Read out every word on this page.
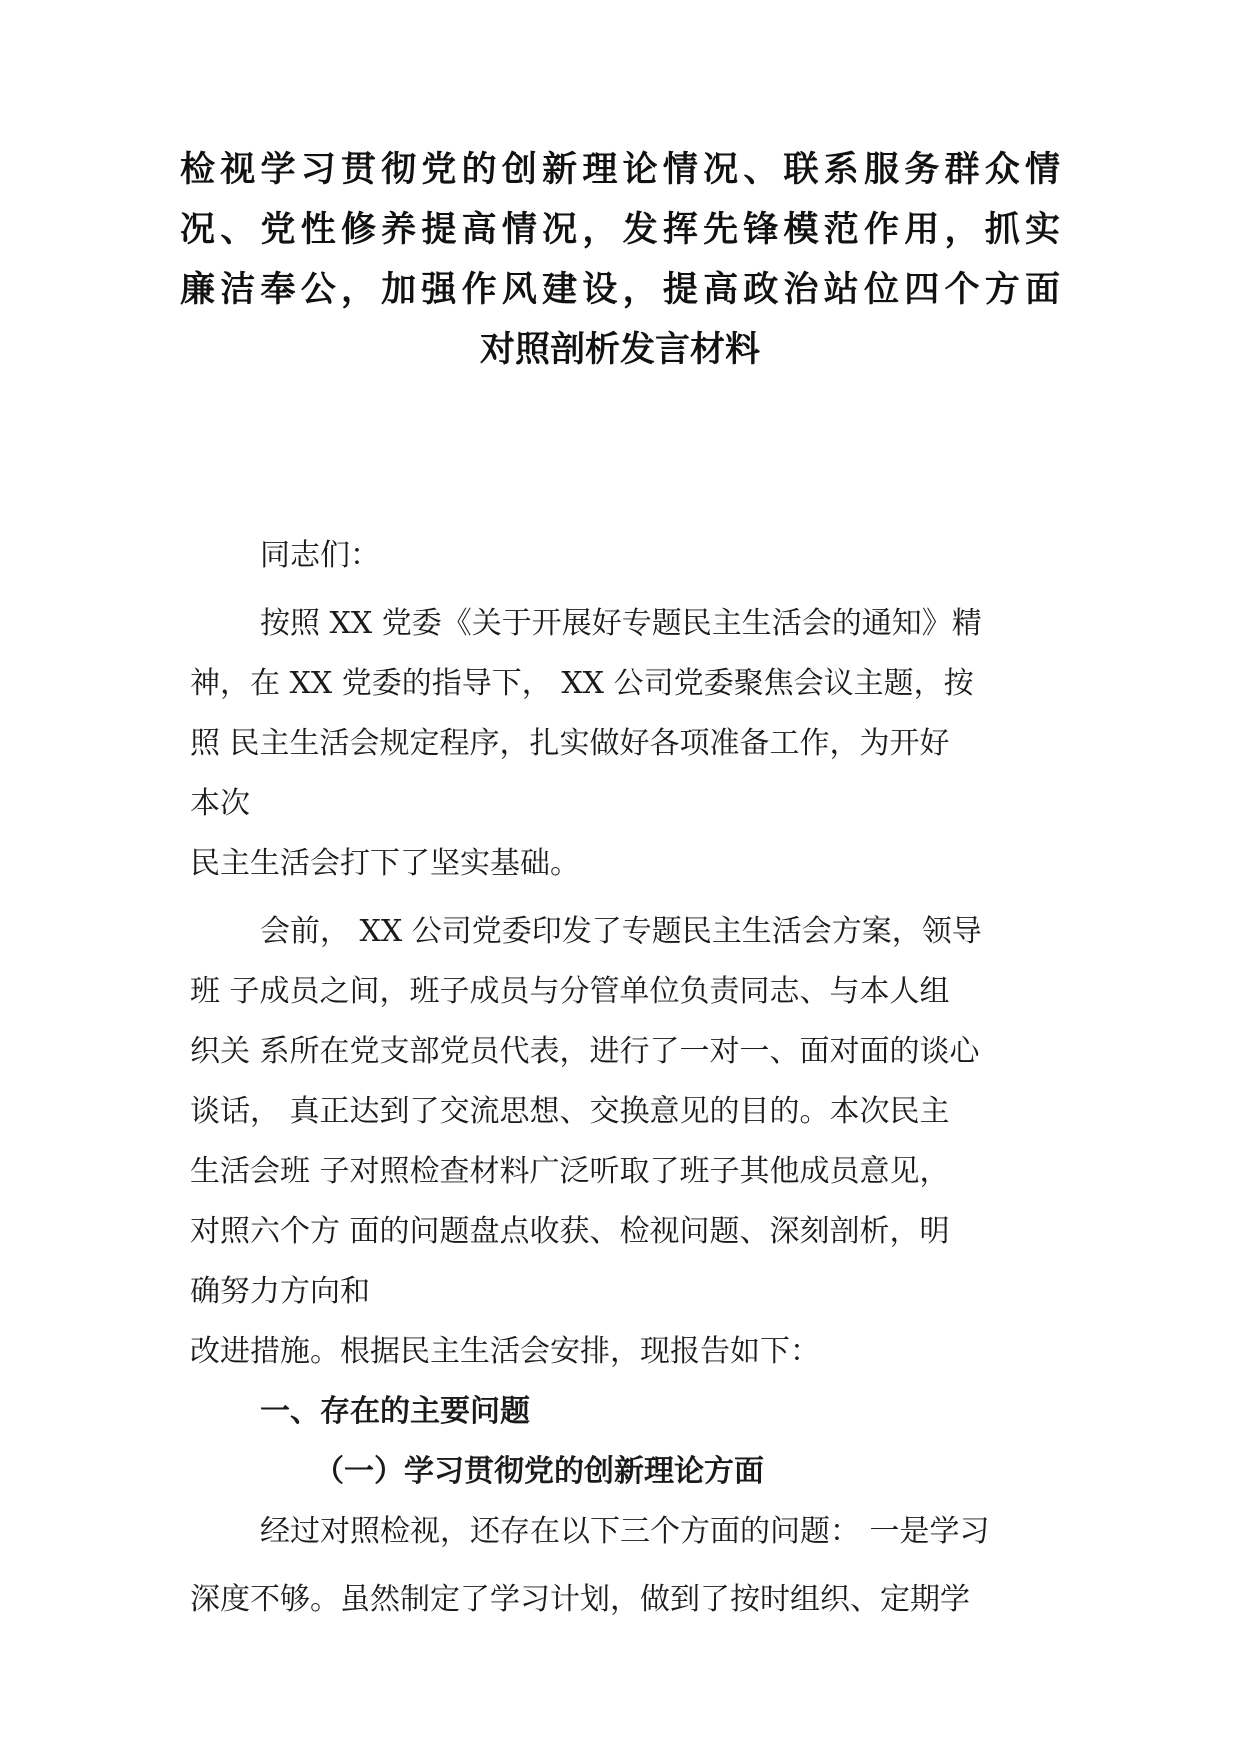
检视学习贯彻党的创新理论情况、联系服务群众情
况、党性修养提高情况，发挥先锋模范作用，抓实
廉洁奉公，加强作风建设，提高政治站位四个方面
对照剖析发言材料
同志们：
按照 XX 党委《关于开展好专题民主生活会的通知》精
神，在 XX 党委的指导下， XX 公司党委聚焦会议主题，按
照 民主生活会规定程序，扎实做好各项准备工作，为开好
本次
民主生活会打下了坚实基础。
会前， XX 公司党委印发了专题民主生活会方案，领导
班 子成员之间，班子成员与分管单位负责同志、与本人组
织关 系所在党支部党员代表，进行了一对一、面对面的谈心
谈话， 真正达到了交流思想、交换意见的目的。本次民主
生活会班 子对照检查材料广泛听取了班子其他成员意见，
对照六个方 面的问题盘点收获、检视问题、深刻剖析，明
确努力方向和
改进措施。根据民主生活会安排，现报告如下：
一、存在的主要问题
（一）学习贯彻党的创新理论方面
经过对照检视，还存在以下三个方面的问题： 一是学习
深度不够。虽然制定了学习计划，做到了按时组织、定期学
